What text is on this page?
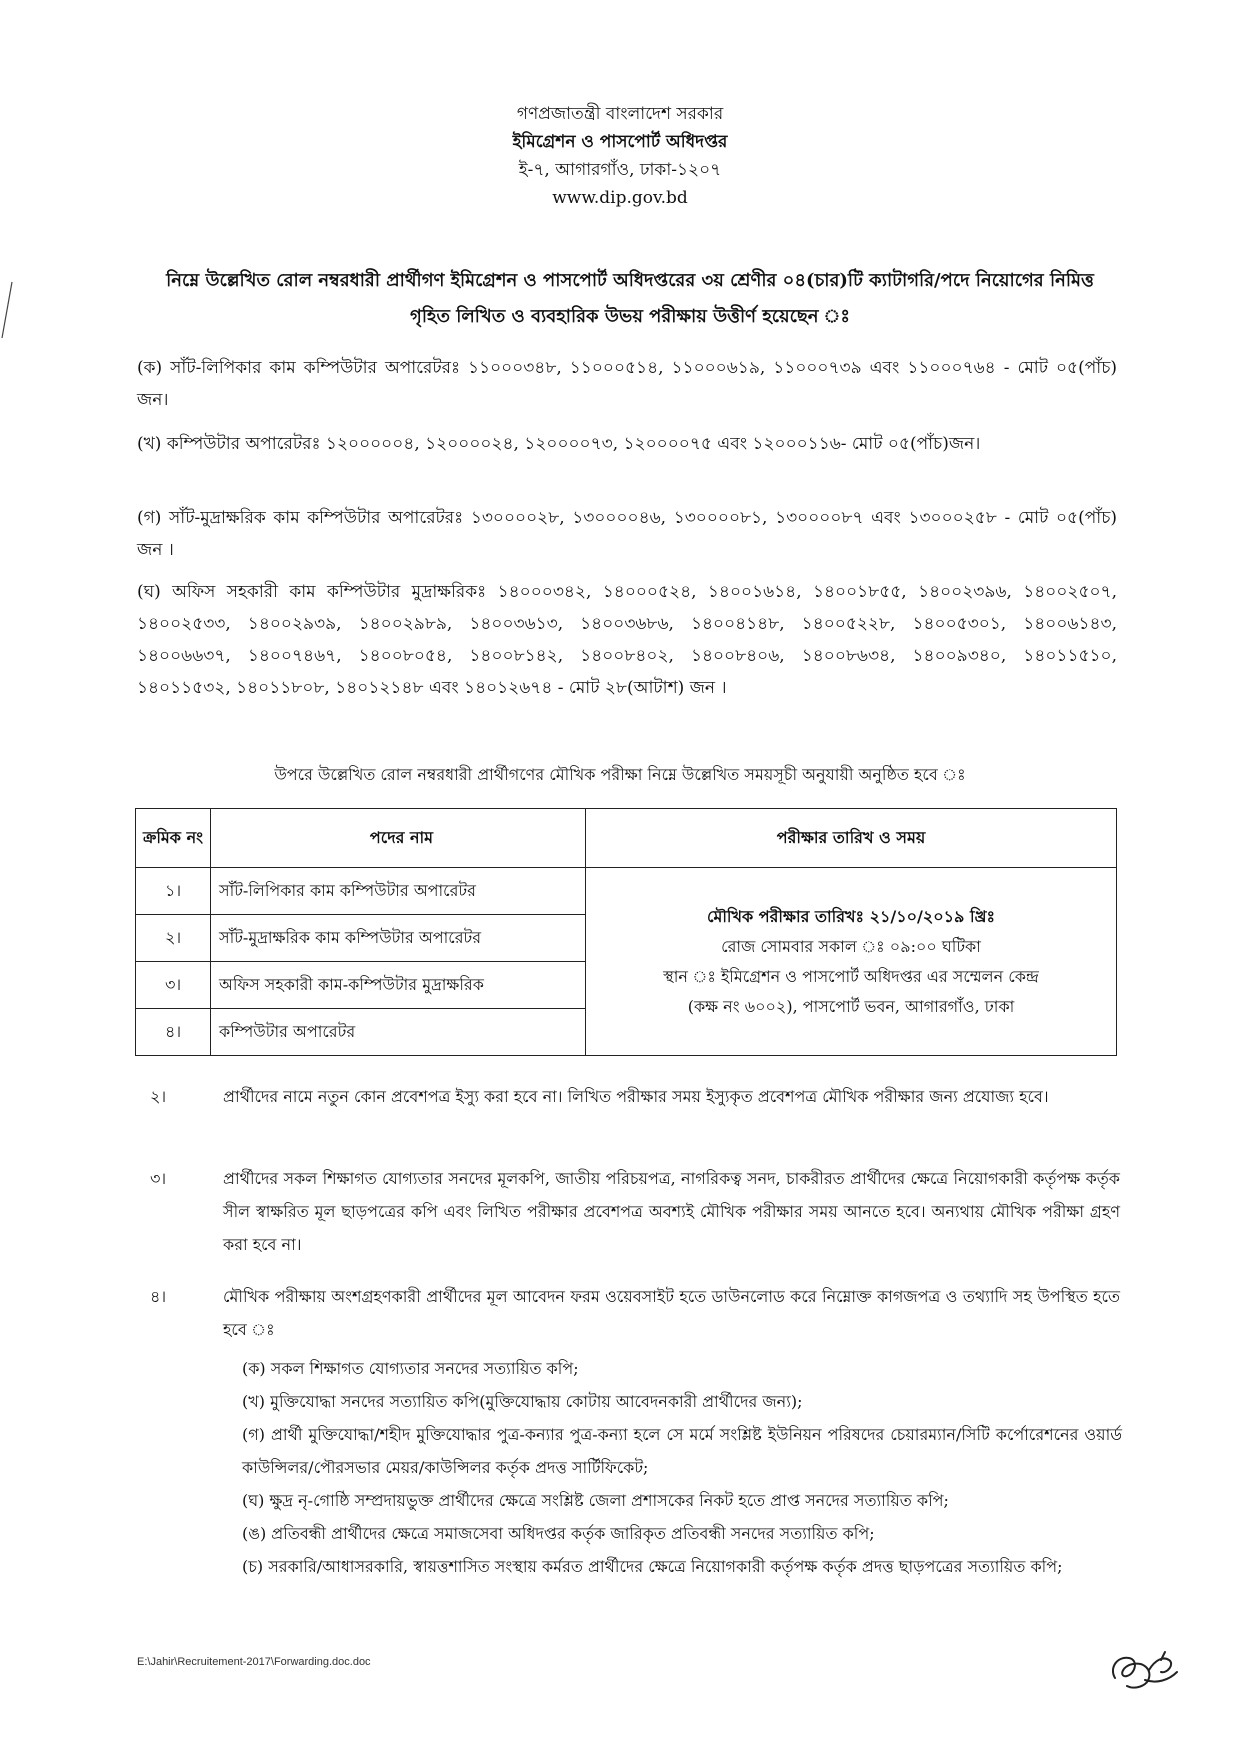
গণপ্রজাতন্ত্রী বাংলাদেশ সরকার
ইমিগ্রেশন ও পাসপোর্ট অধিদপ্তর
ই-৭, আগারগাঁও, ঢাকা-১২০৭
www.dip.gov.bd
নিম্নে উল্লেখিত রোল নম্বরধারী প্রার্থীগণ ইমিগ্রেশন ও পাসপোর্ট অধিদপ্তরের ৩য় শ্রেণীর ০৪(চার)টি ক্যাটাগরি/পদে নিয়োগের নিমিত্ত গৃহিত লিখিত ও ব্যবহারিক উভয় পরীক্ষায় উত্তীর্ণ হয়েছেন ঃ
(ক) সাঁট-লিপিকার কাম কম্পিউটার অপারেটরঃ ১১০০০৩৪৮, ১১০০০৫১৪, ১১০০০৬১৯, ১১০০০৭৩৯ এবং ১১০০০৭৬৪ - মোট ০৫(পাঁচ) জন।
(খ) কম্পিউটার অপারেটরঃ ১২০০০০০৪, ১২০০০০২৪, ১২০০০০৭৩, ১২০০০০৭৫ এবং ১২০০০১১৬- মোট ০৫(পাঁচ)জন।
(গ) সাঁট-মুদ্রাক্ষরিক কাম কম্পিউটার অপারেটরঃ ১৩০০০০২৮, ১৩০০০০৪৬, ১৩০০০০৮১, ১৩০০০০৮৭ এবং ১৩০০০২৫৮ - মোট ০৫(পাঁচ) জন ।
(ঘ) অফিস সহকারী কাম কম্পিউটার মুদ্রাক্ষরিকঃ ১৪০০০৩৪২, ১৪০০০৫২৪, ১৪০০১৬১৪, ১৪০০১৮৫৫, ১৪০০২৩৯৬, ১৪০০২৫০৭, ১৪০০২৫৩৩, ১৪০০২৯৩৯, ১৪০০২৯৮৯, ১৪০০৩৬১৩, ১৪০০৩৬৮৬, ১৪০০৪১৪৮, ১৪০০৫২২৮, ১৪০০৫৩০১, ১৪০০৬১৪৩, ১৪০০৬৬৩৭, ১৪০০৭৪৬৭, ১৪০০৮০৫৪, ১৪০০৮১৪২, ১৪০০৮৪০২, ১৪০০৮৪০৬, ১৪০০৮৬৩৪, ১৪০০৯৩৪০, ১৪০১১৫১০, ১৪০১১৫৩২, ১৪০১১৮০৮, ১৪০১২১৪৮ এবং ১৪০১২৬৭৪ - মোট ২৮(আটাশ) জন ।
উপরে উল্লেখিত রোল নম্বরধারী প্রার্থীগণের মৌখিক পরীক্ষা নিম্নে উল্লেখিত সময়সূচী অনুযায়ী অনুষ্ঠিত হবে ঃ
ক্রমিক নং	পদের নাম	পরীক্ষার তারিখ ও সময়
১।	সাঁট-লিপিকার কাম কম্পিউটার অপারেটর	মৌখিক পরীক্ষার তারিখঃ ২১/১০/২০১৯ খ্রিঃ
রোজ সোমবার সকাল ঃ ০৯:০০ ঘটিকা
স্থান ঃ ইমিগ্রেশন ও পাসপোর্ট অধিদপ্তর এর সম্মেলন কেন্দ্র
(কক্ষ নং ৬০০২), পাসপোর্ট ভবন, আগারগাঁও, ঢাকা

২।	সাঁট-মুদ্রাক্ষরিক কাম কম্পিউটার অপারেটর	
৩।	অফিস সহকারী কাম-কম্পিউটার মুদ্রাক্ষরিক	
৪।	কম্পিউটার অপারেটর	
২।	প্রার্থীদের নামে নতুন কোন প্রবেশপত্র ইস্যু করা হবে না। লিখিত পরীক্ষার সময় ইস্যুকৃত প্রবেশপত্র মৌখিক পরীক্ষার জন্য প্রযোজ্য হবে।
৩।	প্রার্থীদের সকল শিক্ষাগত যোগ্যতার সনদের মূলকপি, জাতীয় পরিচয়পত্র, নাগরিকত্ব সনদ, চাকরীরত প্রার্থীদের ক্ষেত্রে নিয়োগকারী কর্তৃপক্ষ কর্তৃক সীল স্বাক্ষরিত মূল ছাড়পত্রের কপি এবং লিখিত পরীক্ষার প্রবেশপত্র অবশ্যই মৌখিক পরীক্ষার সময় আনতে হবে। অন্যথায় মৌখিক পরীক্ষা গ্রহণ করা হবে না।
৪।	মৌখিক পরীক্ষায় অংশগ্রহণকারী প্রার্থীদের মূল আবেদন ফরম ওয়েবসাইট হতে ডাউনলোড করে নিম্নোক্ত কাগজপত্র ও তথ্যাদি সহ উপস্থিত হতে হবে ঃ
(ক) সকল শিক্ষাগত যোগ্যতার সনদের সত্যায়িত কপি;
(খ) মুক্তিযোদ্ধা সনদের সত্যায়িত কপি(মুক্তিযোদ্ধায় কোটায় আবেদনকারী প্রার্থীদের জন্য);
(গ) প্রার্থী মুক্তিযোদ্ধা/শহীদ মুক্তিযোদ্ধার পুত্র-কন্যার পুত্র-কন্যা হলে সে মর্মে সংশ্লিষ্ট ইউনিয়ন পরিষদের চেয়ারম্যান/সিটি কর্পোরেশনের ওয়ার্ড কাউন্সিলর/পৌরসভার মেয়র/কাউন্সিলর কর্তৃক প্রদত্ত সার্টিফিকেট;
(ঘ) ক্ষুদ্র নৃ-গোষ্ঠি সম্প্রদায়ভুক্ত প্রার্থীদের ক্ষেত্রে সংশ্লিষ্ট জেলা প্রশাসকের নিকট হতে প্রাপ্ত সনদের সত্যায়িত কপি;
(ঙ) প্রতিবন্ধী প্রার্থীদের ক্ষেত্রে সমাজসেবা অধিদপ্তর কর্তৃক জারিকৃত প্রতিবন্ধী সনদের সত্যায়িত কপি;
(চ) সরকারি/আধাসরকারি, স্বায়ত্তশাসিত সংস্থায় কর্মরত প্রার্থীদের ক্ষেত্রে নিয়োগকারী কর্তৃপক্ষ কর্তৃক প্রদত্ত ছাড়পত্রের সত্যায়িত কপি;
E:\Jahir\Recruitement-2017\Forwarding.doc.doc
